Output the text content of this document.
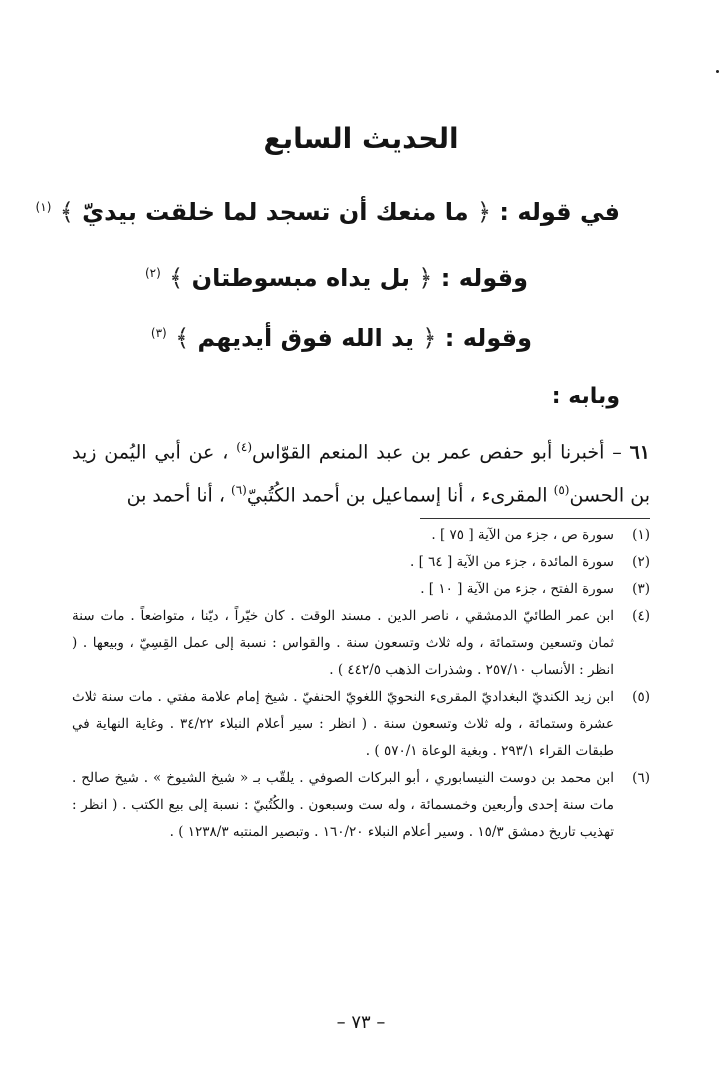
الحديث السابع

في قوله : ﴿ ما منعك أن تسجد لما خلقت بيديّ ﴾ $^{(١)}$

وقوله : ﴿ بل يداه مبسوطتان ﴾ $^{(٢)}$

وقوله : ﴿ يد الله فوق أيديهم ﴾ $^{(٣)}$

وبابه :

٦١ – أخبرنا أبو حفص عمر بن عبد المنعم القوّاس$^{(٤)}$ ، عن أبي اليُمن زيد بن الحسن$^{(٥)}$ المقرىء ، أنا إسماعيل بن أحمد الكُتُبيّ$^{(٦)}$ ، أنا أحمد بن

(١)
سورة ص ، جزء من الآية [ ٧٥ ] .
(٢)
سورة المائدة ، جزء من الآية [ ٦٤ ] .
(٣)
سورة الفتح ، جزء من الآية [ ١٠ ] .
(٤)
ابن عمر الطائيّ الدمشقي ، ناصر الدين . مسند الوقت . كان خيّراً ، ديّنا ، متواضعاً . مات سنة ثمان وتسعين وستمائة ، وله ثلاث وتسعون سنة . والقواس : نسبة إلى عمل القِسِيّ ، وبيعها . ( انظر : الأنساب ٢٥٧/١٠ . وشذرات الذهب ٤٤٢/٥ ) .
(٥)
ابن زيد الكنديّ البغداديّ المقرىء النحويّ اللغويّ الحنفيّ . شيخ إمام علامة مفتي . مات سنة ثلاث عشرة وستمائة ، وله ثلاث وتسعون سنة . ( انظر : سير أعلام النبلاء ٣٤/٢٢ . وغاية النهاية في طبقات القراء ٢٩٣/١ . وبغية الوعاة ٥٧٠/١ ) .
(٦)
ابن محمد بن دوست النيسابوري ، أبو البركات الصوفي . يلقّب بـ « شيخ الشيوخ » . شيخ صالح . مات سنة إحدى وأربعين وخمسمائة ، وله ست وسبعون . والكُتُبيّ : نسبة إلى بيع الكتب . ( انظر : تهذيب تاريخ دمشق ١٥/٣ . وسير أعلام النبلاء ١٦٠/٢٠ . وتبصير المنتبه ١٢٣٨/٣ ) .

– ٧٣ –
